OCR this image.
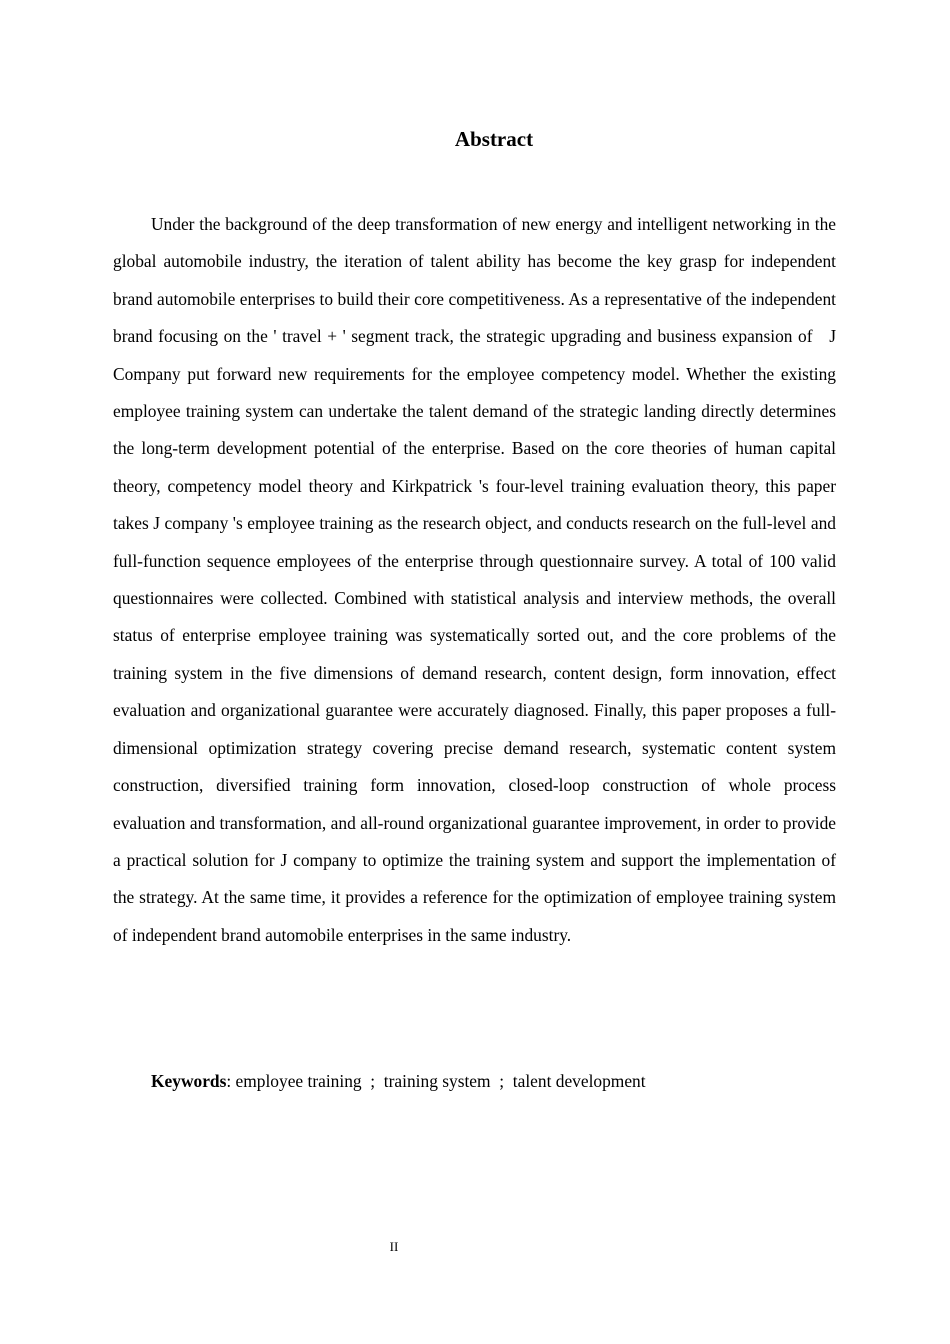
Abstract

Under the background of the deep transformation of new energy and intelligent networking in the global automobile industry, the iteration of talent ability has become the key grasp for independent brand automobile enterprises to build their core competitiveness. As a representative of the independent brand focusing on the ' travel + ' segment track, the strategic upgrading and business expansion of   J Company put forward new requirements for the employee competency model. Whether the existing employee training system can undertake the talent demand of the strategic landing directly determines the long-term development potential of the enterprise. Based on the core theories of human capital theory, competency model theory and Kirkpatrick 's four-level training evaluation theory, this paper takes J company 's employee training as the research object, and conducts research on the full-level and full-function sequence employees of the enterprise through questionnaire survey. A total of 100 valid questionnaires were collected. Combined with statistical analysis and interview methods, the overall status of enterprise employee training was systematically sorted out, and the core problems of the training system in the five dimensions of demand research, content design, form innovation, effect evaluation and organizational guarantee were accurately diagnosed. Finally, this paper proposes a full-dimensional optimization strategy covering precise demand research, systematic content system construction, diversified training form innovation, closed-loop construction of whole process evaluation and transformation, and all-round organizational guarantee improvement, in order to provide a practical solution for J company to optimize the training system and support the implementation of the strategy. At the same time, it provides a reference for the optimization of employee training system of independent brand automobile enterprises in the same industry.

Keywords: employee training  ;  training system  ;  talent development

II
